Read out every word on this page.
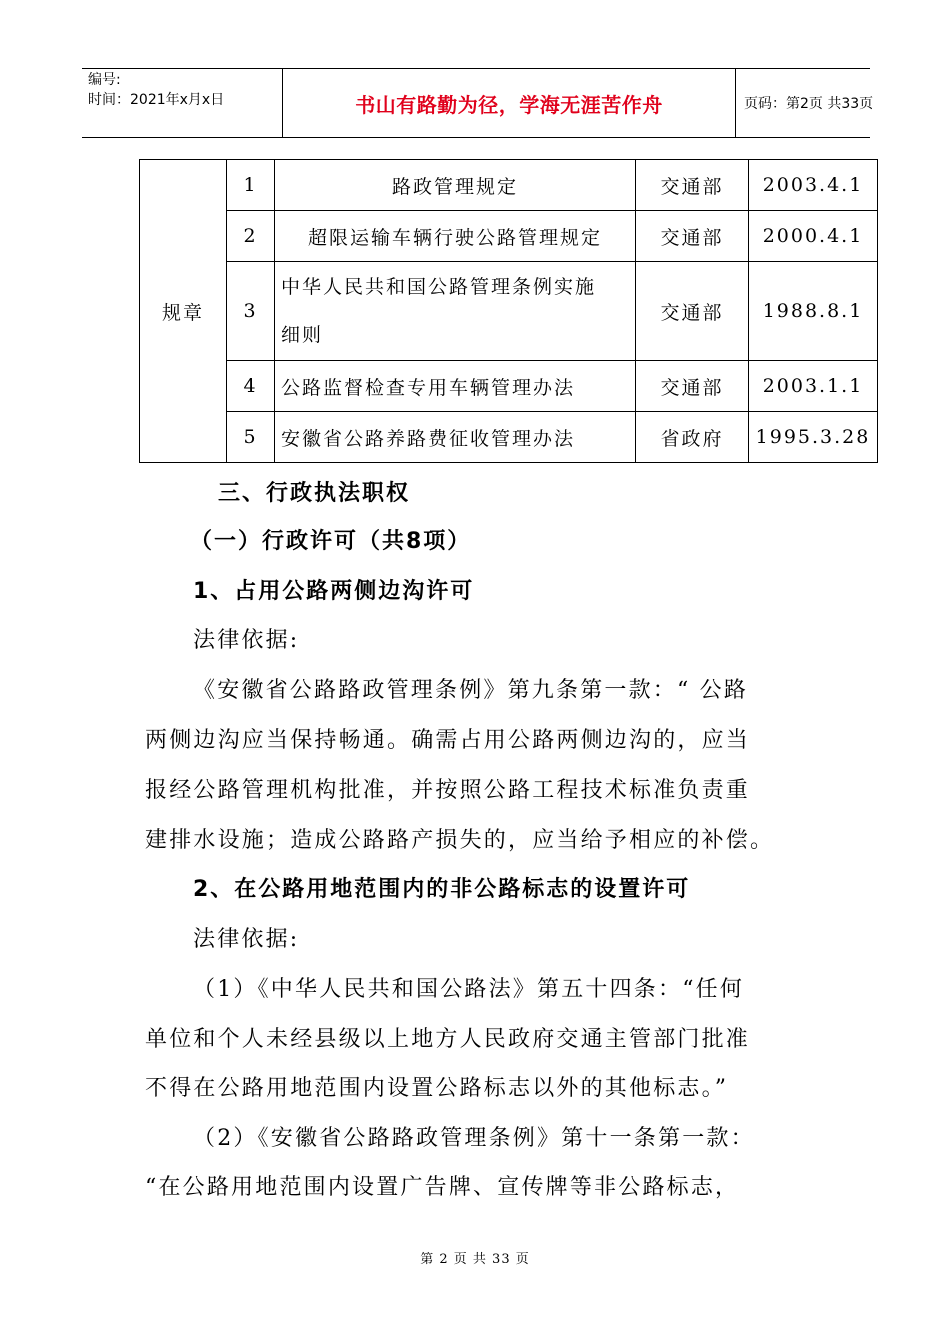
编号:
时间：2021年x月x日	书山有路勤为径，学海无涯苦作舟	页码：第2页 共33页
规章	1	路政管理规定	交通部	2003.4.1
	2	超限运输车辆行驶公路管理规定	交通部	2000.4.1
	3	中华人民共和国公路管理条例实施
细则	交通部	1988.8.1
	4	公路监督检查专用车辆管理办法	交通部	2003.1.1
	5	安徽省公路养路费征收管理办法	省政府	1995.3.28
三、行政执法职权
（一）行政许可（共8项）
1、占用公路两侧边沟许可
法律依据:
《安徽省公路路政管理条例》第九条第一款：“ 公路
两侧边沟应当保持畅通。确需占用公路两侧边沟的，应当
报经公路管理机构批准，并按照公路工程技术标准负责重
建排水设施；造成公路路产损失的，应当给予相应的补偿。
2、在公路用地范围内的非公路标志的设置许可
法律依据:
（1）《中华人民共和国公路法》第五十四条：“任何
单位和个人未经县级以上地方人民政府交通主管部门批准
不得在公路用地范围内设置公路标志以外的其他标志。”
（2）《安徽省公路路政管理条例》第十一条第一款：
“在公路用地范围内设置广告牌、宣传牌等非公路标志，
第 2 页 共 33 页
